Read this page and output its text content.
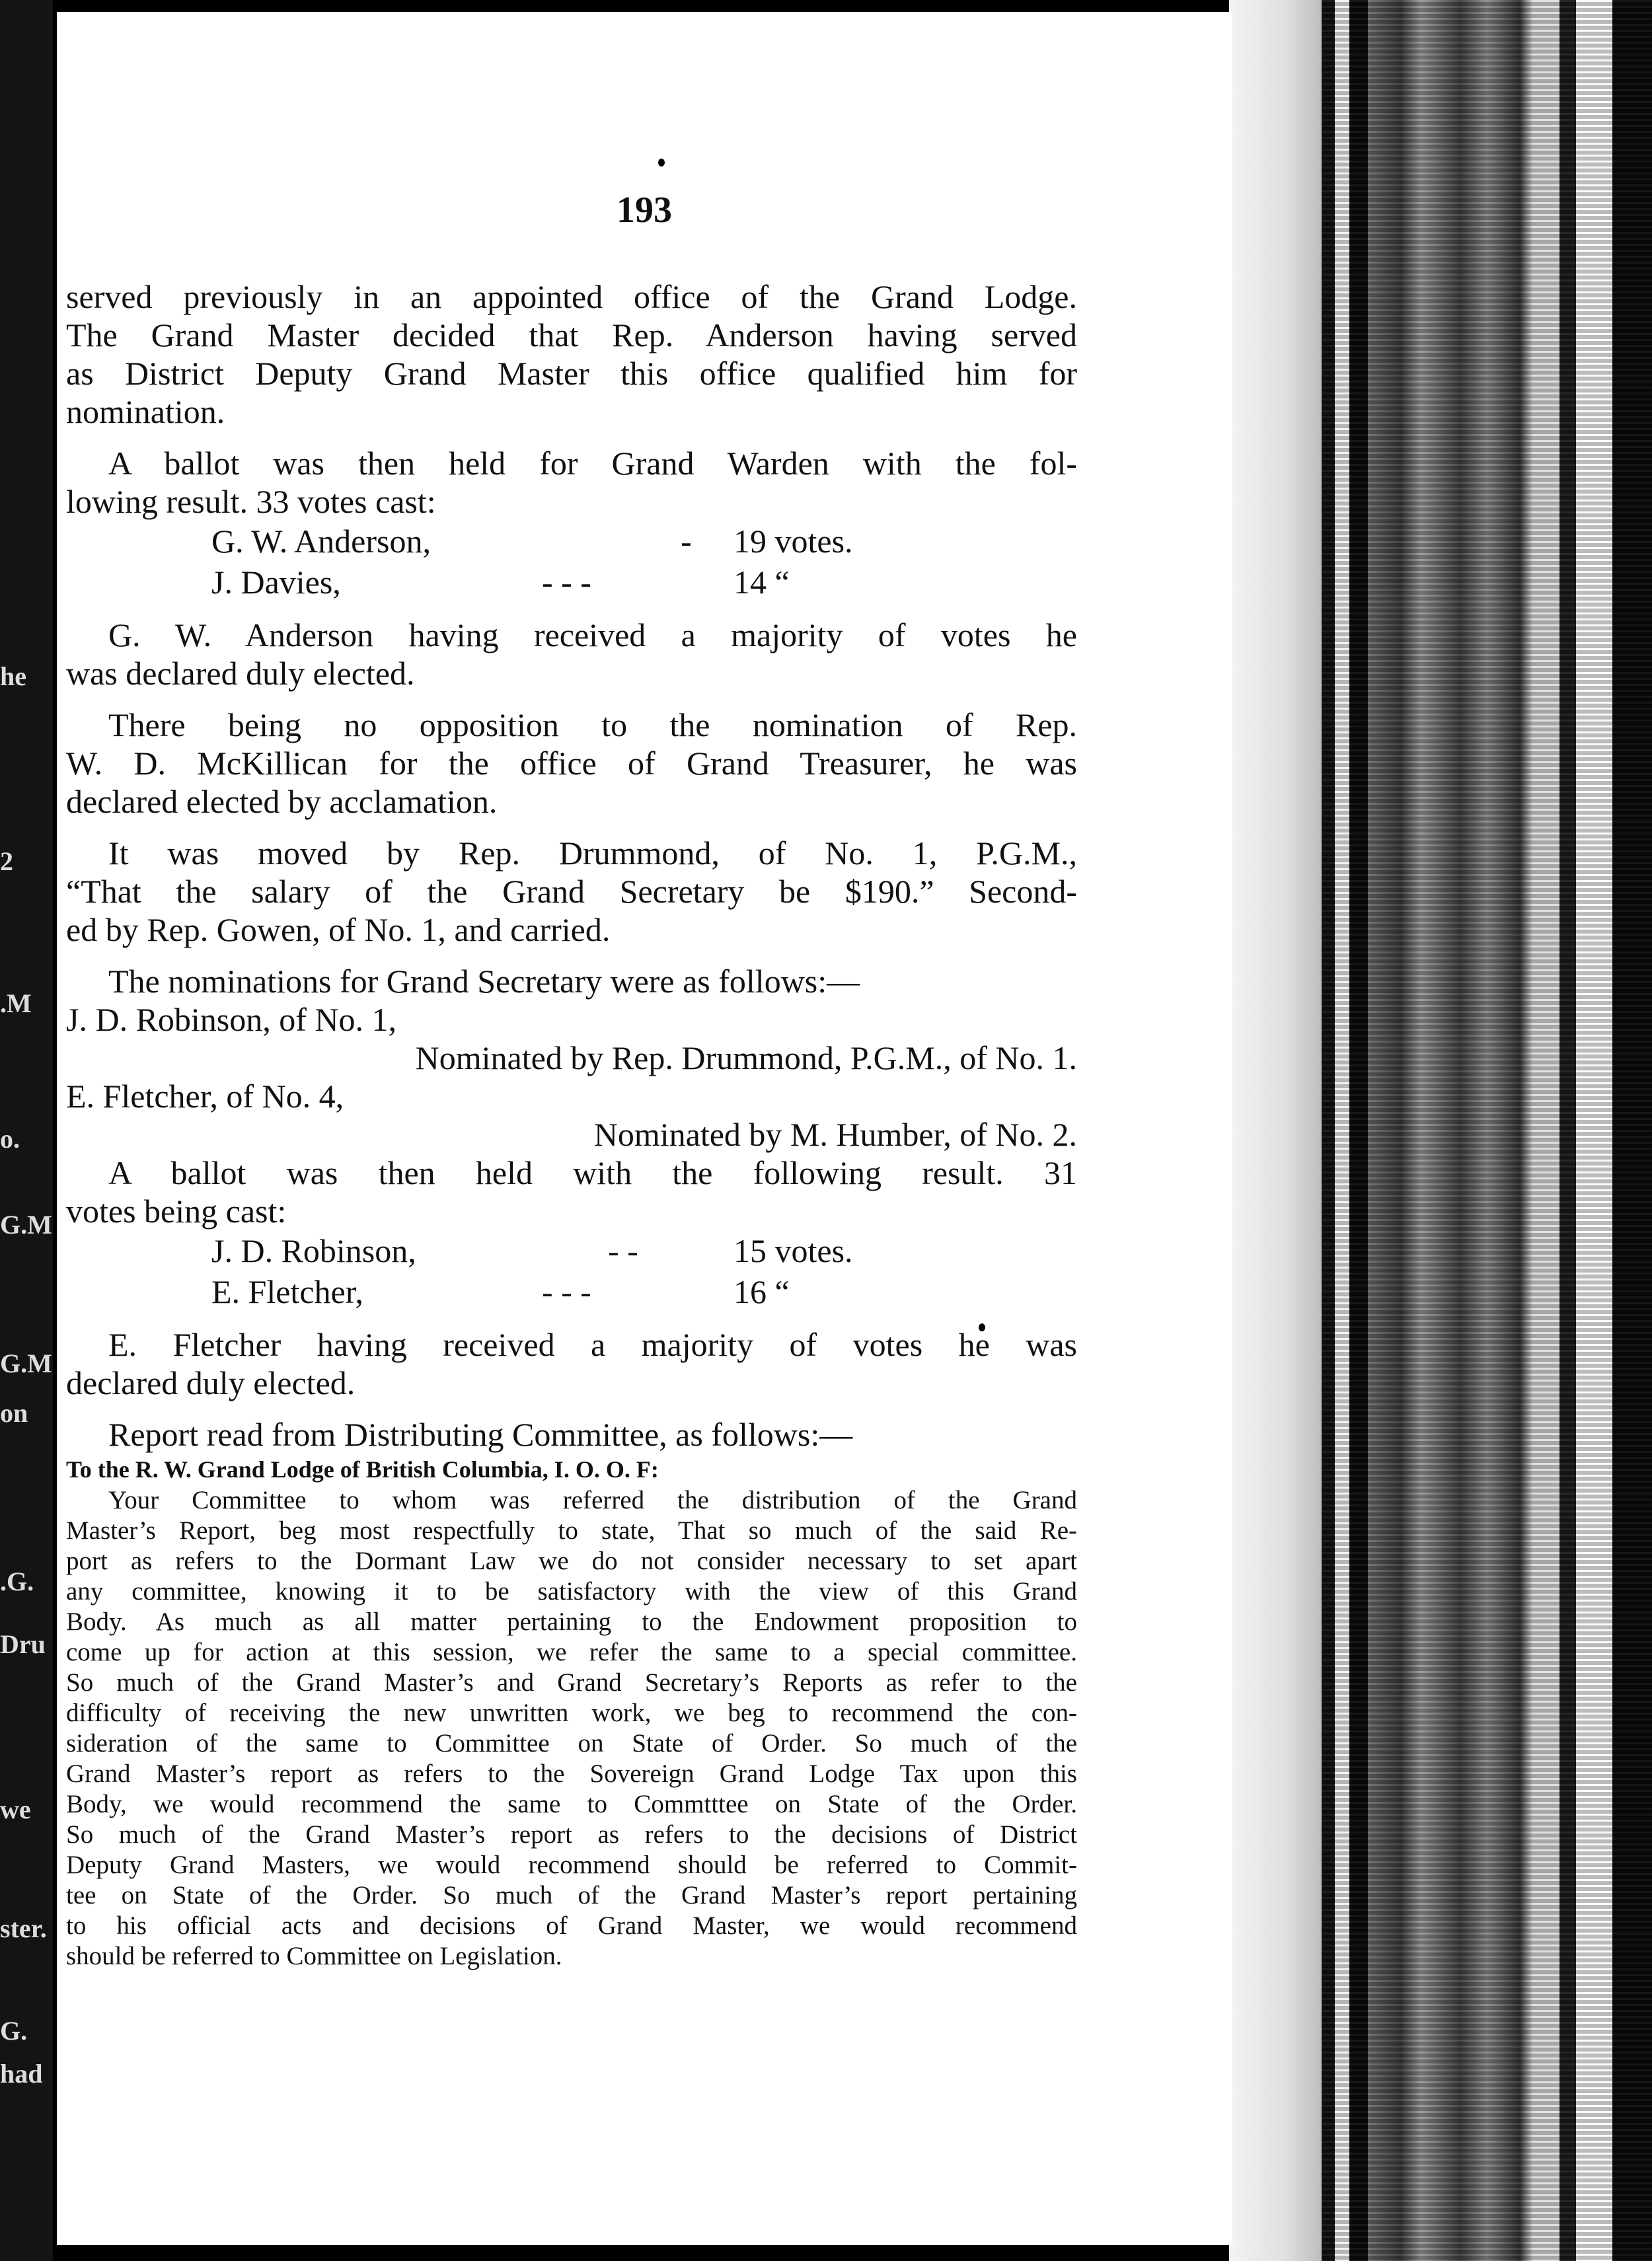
he
2
.M
o.
G.M
G.M
on
.G.
Dru
we
ster.
G.
had
193
served previously in an appointed office of the Grand Lodge.
The Grand Master decided that Rep. Anderson having served
as District Deputy Grand Master this office qualified him for
nomination.
A ballot was then held for Grand Warden with the fol-
lowing result. 33 votes cast:
G. W. Anderson,	- 19 votes.
J. Davies,	- - -	14 “
G. W. Anderson having received a majority of votes he
was declared duly elected.
There being no opposition to the nomination of Rep.
W. D. McKillican for the office of Grand Treasurer, he was
declared elected by acclamation.
It was moved by Rep. Drummond, of No. 1, P.G.M.,
“That the salary of the Grand Secretary be $190.” Second-
ed by Rep. Gowen, of No. 1, and carried.
The nominations for Grand Secretary were as follows:—
J. D. Robinson, of No. 1,
Nominated by Rep. Drummond, P.G.M., of No. 1.
E. Fletcher, of No. 4,
Nominated by M. Humber, of No. 2.
A ballot was then held with the following result. 31
votes being cast:
J. D. Robinson,	- -	15 votes.
E. Fletcher,	- - -	16 “
E. Fletcher having received a majority of votes he was
declared duly elected.
Report read from Distributing Committee, as follows:—
To the R. W. Grand Lodge of British Columbia, I. O. O. F:
Your Committee to whom was referred the distribution of the Grand
Master’s Report, beg most respectfully to state, That so much of the said Re-
port as refers to the Dormant Law we do not consider necessary to set apart
any committee, knowing it to be satisfactory with the view of this Grand
Body. As much as all matter pertaining to the Endowment proposition to
come up for action at this session, we refer the same to a special committee.
So much of the Grand Master’s and Grand Secretary’s Reports as refer to the
difficulty of receiving the new unwritten work, we beg to recommend the con-
sideration of the same to Committee on State of Order. So much of the
Grand Master’s report as refers to the Sovereign Grand Lodge Tax upon this
Body, we would recommend the same to Commtttee on State of the Order.
So much of the Grand Master’s report as refers to the decisions of District
Deputy Grand Masters, we would recommend should be referred to Commit-
tee on State of the Order. So much of the Grand Master’s report pertaining
to his official acts and decisions of Grand Master, we would recommend
should be referred to Committee on Legislation.
